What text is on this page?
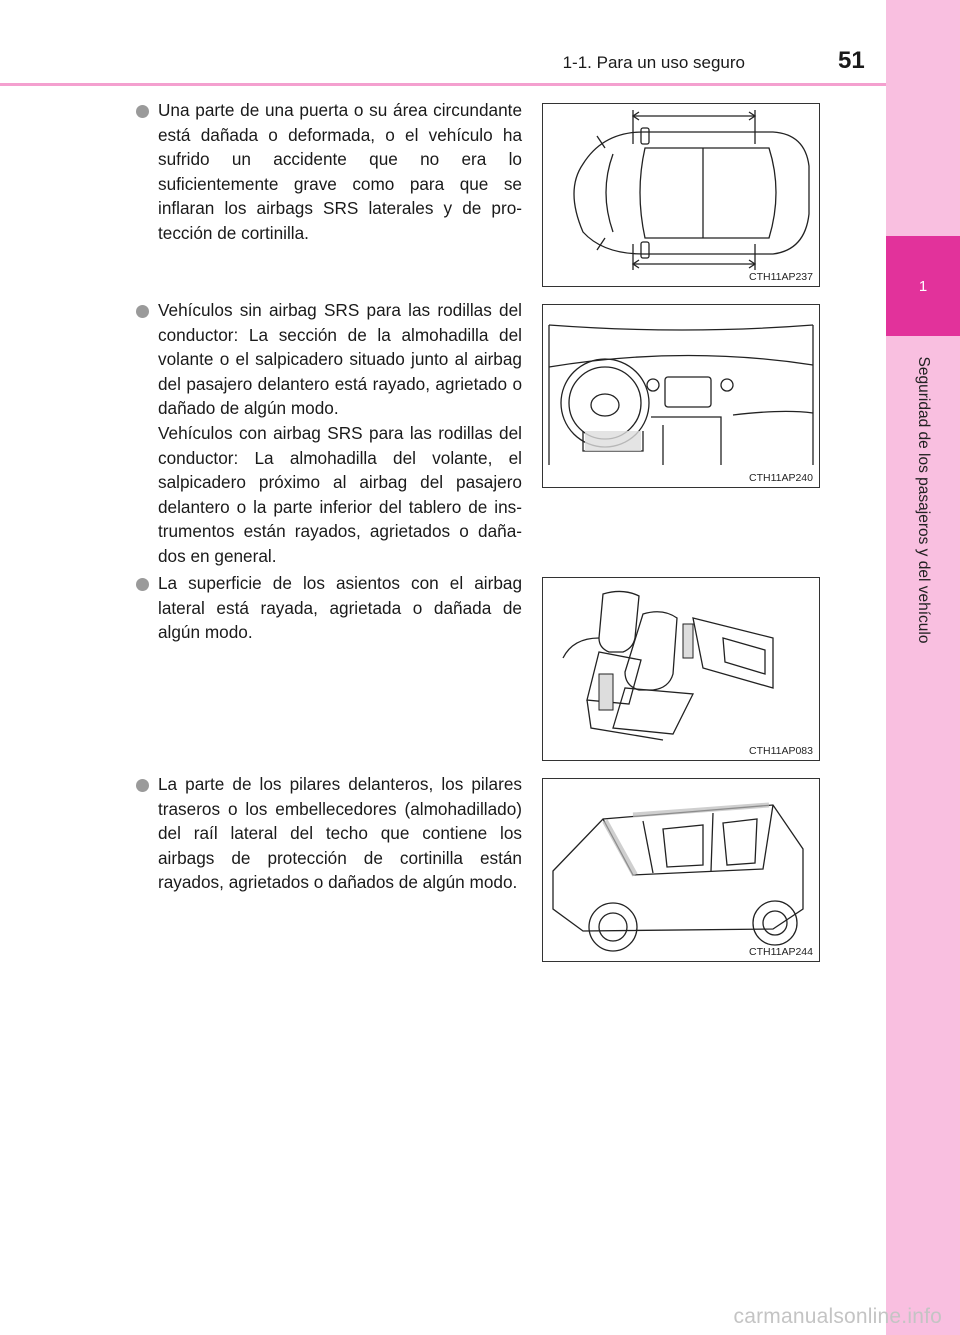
1-1. Para un uso seguro	51
1
Seguridad de los pasajeros y del vehículo
Una parte de una puerta o su área circundante está dañada o deformada, o el vehículo ha sufrido un accidente que no era lo suficientemente grave como para que se inflaran los airbags SRS laterales y de protección de cortinilla.
CTH11AP237
Vehículos sin airbag SRS para las rodillas del conductor: La sección de la almohadilla del volante o el salpicadero situado junto al airbag del pasajero delantero está rayado, agrietado o dañado de algún modo.
Vehículos con airbag SRS para las rodillas del conductor: La almohadilla del volante, el salpicadero próximo al airbag del pasajero delantero o la parte inferior del tablero de instrumentos están rayados, agrietados o dañados en general.
CTH11AP240
La superficie de los asientos con el airbag lateral está rayada, agrietada o dañada de algún modo.
CTH11AP083
La parte de los pilares delanteros, los pilares traseros o los embellecedores (almohadillado) del raíl lateral del techo que contiene los airbags de protección de cortinilla están rayados, agrietados o dañados de algún modo.
CTH11AP244
carmanualsonline.info
